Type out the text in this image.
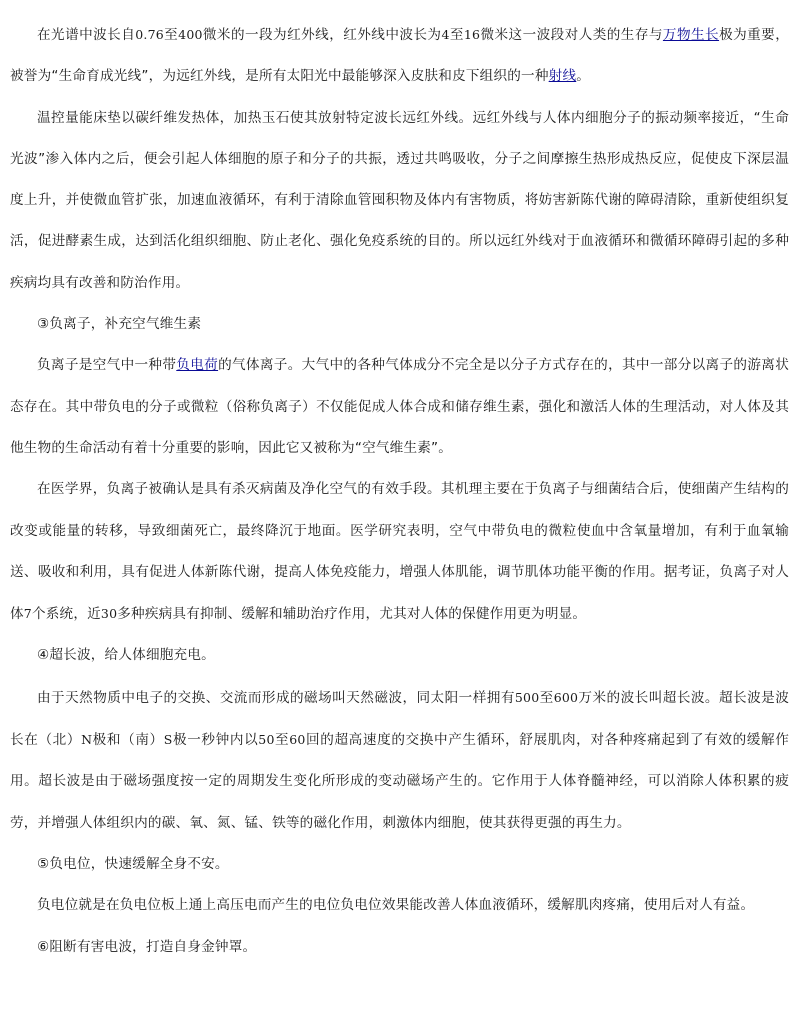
在光谱中波长自0.76至400微米的一段为红外线，红外线中波长为4至16微米这一波段对人类的生存与万物生长极为重要，被誉为“生命育成光线”，为远红外线，是所有太阳光中最能够深入皮肤和皮下组织的一种射线。

温控量能床垫以碳纤维发热体，加热玉石使其放射特定波长远红外线。远红外线与人体内细胞分子的振动频率接近，“生命光波”渗入体内之后，便会引起人体细胞的原子和分子的共振，透过共鸣吸收，分子之间摩擦生热形成热反应，促使皮下深层温度上升，并使微血管扩张，加速血液循环，有利于清除血管囤积物及体内有害物质，将妨害新陈代谢的障碍清除，重新使组织复活，促进酵素生成，达到活化组织细胞、防止老化、强化免疫系统的目的。所以远红外线对于血液循环和微循环障碍引起的多种疾病均具有改善和防治作用。

③负离子，补充空气维生素

负离子是空气中一种带负电荷的气体离子。大气中的各种气体成分不完全是以分子方式存在的，其中一部分以离子的游离状态存在。其中带负电的分子或微粒（俗称负离子）不仅能促成人体合成和储存维生素，强化和激活人体的生理活动，对人体及其他生物的生命活动有着十分重要的影响，因此它又被称为“空气维生素”。

在医学界，负离子被确认是具有杀灭病菌及净化空气的有效手段。其机理主要在于负离子与细菌结合后，使细菌产生结构的改变或能量的转移，导致细菌死亡，最终降沉于地面。医学研究表明，空气中带负电的微粒使血中含氧量增加，有利于血氧输送、吸收和利用，具有促进人体新陈代谢，提高人体免疫能力，增强人体肌能，调节肌体功能平衡的作用。据考证，负离子对人体7个系统，近30多种疾病具有抑制、缓解和辅助治疗作用，尤其对人体的保健作用更为明显。

④超长波，给人体细胞充电。

由于天然物质中电子的交换、交流而形成的磁场叫天然磁波，同太阳一样拥有500至600万米的波长叫超长波。超长波是波长在（北）N极和（南）S极一秒钟内以50至60回的超高速度的交换中产生循环，舒展肌肉，对各种疼痛起到了有效的缓解作用。超长波是由于磁场强度按一定的周期发生变化所形成的变动磁场产生的。它作用于人体脊髓神经，可以消除人体积累的疲劳，并增强人体组织内的碳、氧、氮、锰、铁等的磁化作用，刺激体内细胞，使其获得更强的再生力。

⑤负电位，快速缓解全身不安。

负电位就是在负电位板上通上高压电而产生的电位负电位效果能改善人体血液循环，缓解肌肉疼痛，使用后对人有益。

⑥阻断有害电波，打造自身金钟罩。
